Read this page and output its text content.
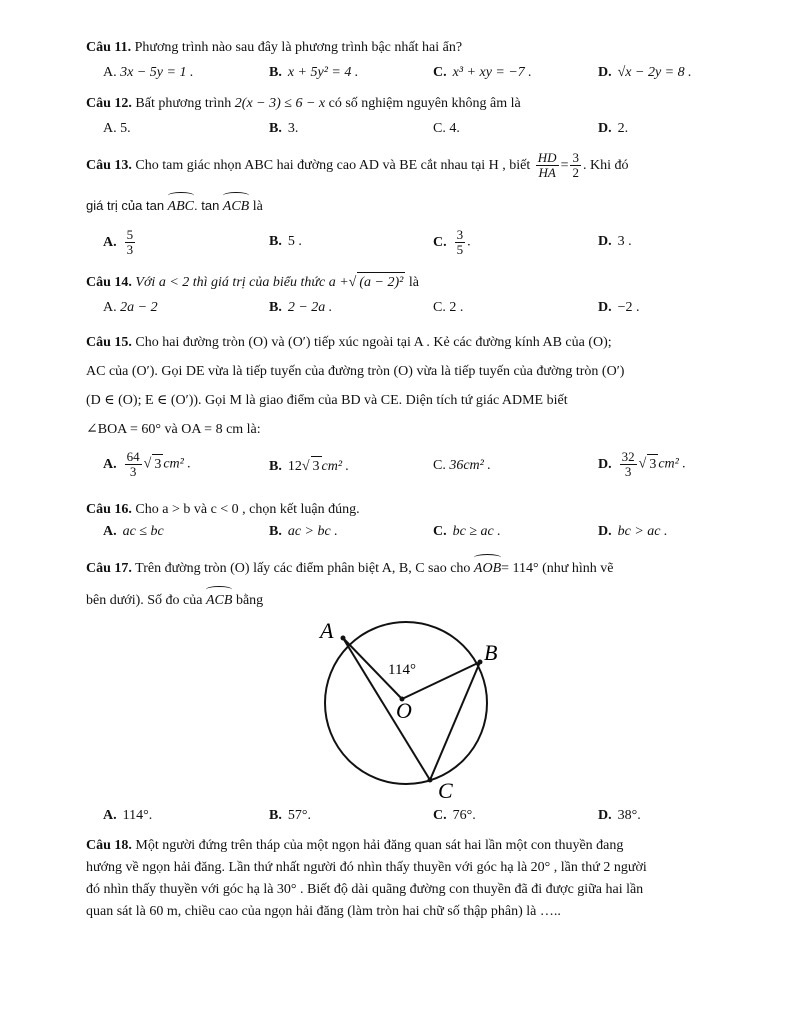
Câu 11. Phương trình nào sau đây là phương trình bậc nhất hai ẩn?
A. 3x − 5y = 1 .	B. x + 5y² = 4 .	C. x³ + xy = −7 .	D. √x − 2y = 8 .
Câu 12. Bất phương trình 2(x − 3) ≤ 6 − x có số nghiệm nguyên không âm là
A. 5.	B. 3.	C. 4.	D. 2.
Câu 13. Cho tam giác nhọn ABC hai đường cao AD và BE cắt nhau tại H , biết $\frac{HD}{HA} = \frac{3}{2}$ . Khi đó
giá trị của tan ABC. tan ACB là
A. $\frac{5}{3}$	B. 5 .	C. $\frac{3}{5}$ .	D. 3 .
Câu 14. Với a < 2 thì giá trị của biểu thức a +√ (a − 2)² là
A. 2a − 2	B. 2 − 2a .	C. 2 .	D. −2 .
Câu 15. Cho hai đường tròn (O) và (O′) tiếp xúc ngoài tại A . Kẻ các đường kính AB của (O);
AC của (O′). Gọi DE vừa là tiếp tuyến của đường tròn (O) vừa là tiếp tuyến của đường tròn (O′)
(D ∈ (O); E ∈ (O′)). Gọi M là giao điểm của BD và CE. Diện tích tứ giác ADME biết
∠BOA = 60° và OA = 8 cm là:
A. $\frac{64}{3}$ √ 3 cm² .	B. 12√ 3 cm² .	C. 36cm² .	D. $\frac{32}{3}$ √ 3 cm² .
Câu 16. Cho a > b và c < 0 , chọn kết luận đúng.
A. ac ≤ bc	B. ac > bc .	C. bc ≥ ac .	D. bc > ac .
Câu 17. Trên đường tròn (O) lấy các điểm phân biệt A, B, C sao cho AOB= 114° (như hình vẽ
bên dưới). Số đo của ACB bằng
A
B
O
C
114°
A. 114°.	B. 57°.	C. 76°.	D. 38°.
Câu 18. Một người đứng trên tháp của một ngọn hải đăng quan sát hai lần một con thuyền đang
hướng về ngọn hải đăng. Lần thứ nhất người đó nhìn thấy thuyền với góc hạ là 20° , lần thứ 2 người
đó nhìn thấy thuyền với góc hạ là 30° . Biết độ dài quãng đường con thuyền đã đi được giữa hai lần
quan sát là 60 m, chiều cao của ngọn hải đăng (làm tròn hai chữ số thập phân) là …..
